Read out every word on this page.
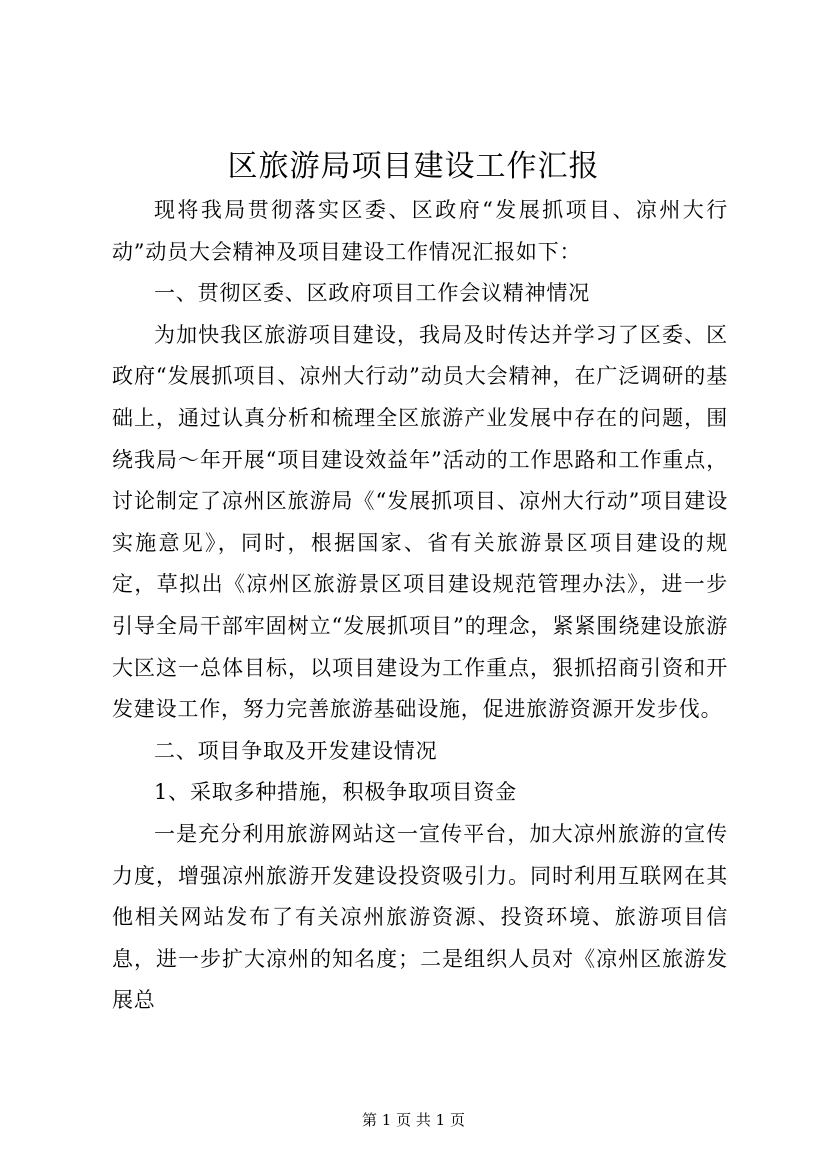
区旅游局项目建设工作汇报

现将我局贯彻落实区委、区政府“发展抓项目、凉州大行动”动员大会精神及项目建设工作情况汇报如下：

一、贯彻区委、区政府项目工作会议精神情况

为加快我区旅游项目建设，我局及时传达并学习了区委、区政府“发展抓项目、凉州大行动”动员大会精神，在广泛调研的基础上，通过认真分析和梳理全区旅游产业发展中存在的问题，围绕我局～年开展“项目建设效益年”活动的工作思路和工作重点，讨论制定了凉州区旅游局《“发展抓项目、凉州大行动”项目建设实施意见》，同时，根据国家、省有关旅游景区项目建设的规定，草拟出《凉州区旅游景区项目建设规范管理办法》，进一步引导全局干部牢固树立“发展抓项目”的理念，紧紧围绕建设旅游大区这一总体目标，以项目建设为工作重点，狠抓招商引资和开发建设工作，努力完善旅游基础设施，促进旅游资源开发步伐。

二、项目争取及开发建设情况

1、采取多种措施，积极争取项目资金

一是充分利用旅游网站这一宣传平台，加大凉州旅游的宣传力度，增强凉州旅游开发建设投资吸引力。同时利用互联网在其他相关网站发布了有关凉州旅游资源、投资环境、旅游项目信息，进一步扩大凉州的知名度；二是组织人员对《凉州区旅游发展总

第 1 页 共 1 页
